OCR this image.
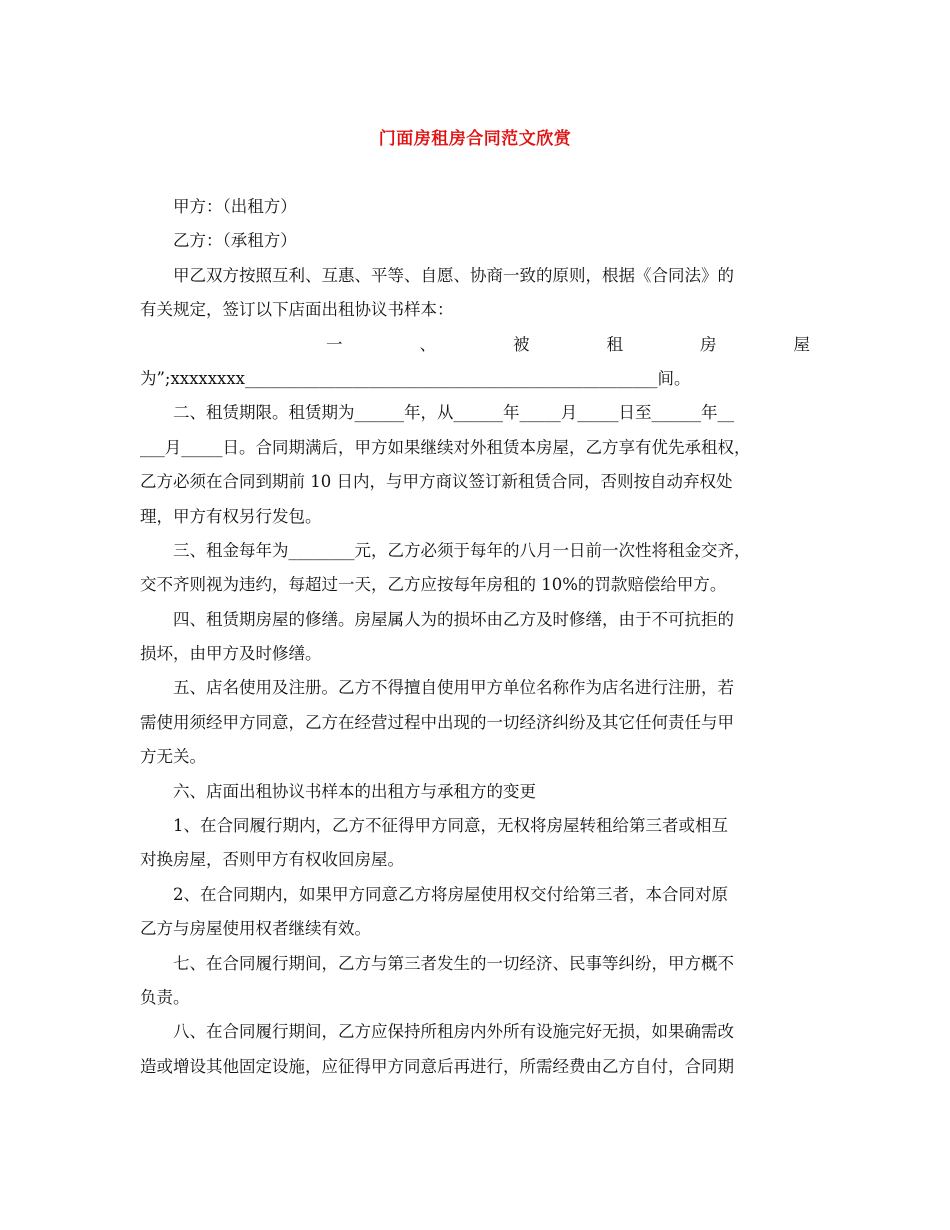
门面房租房合同范文欣赏
甲方：（出租方）
乙方：（承租方）
甲乙双方按照互利、互惠、平等、自愿、协商一致的原则，根据《合同法》的
有关规定，签订以下店面出租协议书样本：
一	、	被	租	房	屋
为”;xxxxxxxx__________________________________________________间。
二、租赁期限。租赁期为______年，从______年_____月_____日至______年__
___月_____日。合同期满后，甲方如果继续对外租赁本房屋，乙方享有优先承租权，
乙方必须在合同到期前 10 日内，与甲方商议签订新租赁合同，否则按自动弃权处
理，甲方有权另行发包。
三、租金每年为________元，乙方必须于每年的八月一日前一次性将租金交齐，
交不齐则视为违约，每超过一天，乙方应按每年房租的 10%的罚款赔偿给甲方。
四、租赁期房屋的修缮。房屋属人为的损坏由乙方及时修缮，由于不可抗拒的
损坏，由甲方及时修缮。
五、店名使用及注册。乙方不得擅自使用甲方单位名称作为店名进行注册，若
需使用须经甲方同意，乙方在经营过程中出现的一切经济纠纷及其它任何责任与甲
方无关。
六、店面出租协议书样本的出租方与承租方的变更
1、在合同履行期内，乙方不征得甲方同意，无权将房屋转租给第三者或相互
对换房屋，否则甲方有权收回房屋。
2、在合同期内，如果甲方同意乙方将房屋使用权交付给第三者，本合同对原
乙方与房屋使用权者继续有效。
七、在合同履行期间，乙方与第三者发生的一切经济、民事等纠纷，甲方概不
负责。
八、在合同履行期间，乙方应保持所租房内外所有设施完好无损，如果确需改
造或增设其他固定设施，应征得甲方同意后再进行，所需经费由乙方自付，合同期
